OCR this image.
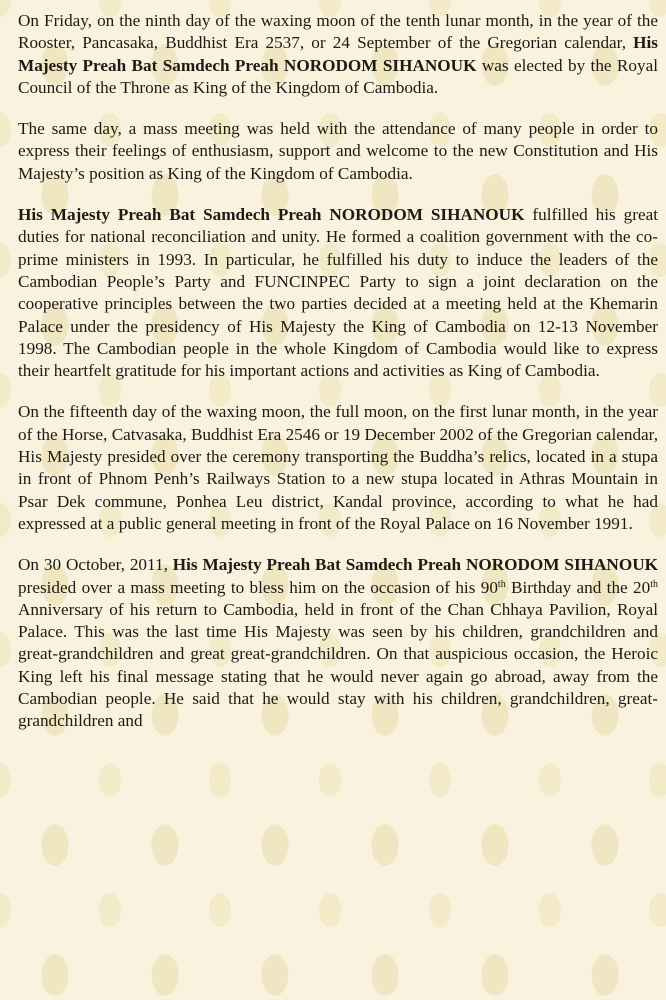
On Friday, on the ninth day of the waxing moon of the tenth lunar month, in the year of the Rooster, Pancasaka, Buddhist Era 2537, or 24 September of the Gregorian calendar, His Majesty Preah Bat Samdech Preah NORODOM SIHANOUK was elected by the Royal Council of the Throne as King of the Kingdom of Cambodia.

The same day, a mass meeting was held with the attendance of many people in order to express their feelings of enthusiasm, support and welcome to the new Constitution and His Majesty’s position as King of the Kingdom of Cambodia.

His Majesty Preah Bat Samdech Preah NORODOM SIHANOUK fulfilled his great duties for national reconciliation and unity. He formed a coalition government with the co-prime ministers in 1993. In particular, he fulfilled his duty to induce the leaders of the Cambodian People’s Party and FUNCINPEC Party to sign a joint declaration on the cooperative principles between the two parties decided at a meeting held at the Khemarin Palace under the presidency of His Majesty the King of Cambodia on 12-13 November 1998. The Cambodian people in the whole Kingdom of Cambodia would like to express their heartfelt gratitude for his important actions and activities as King of Cambodia.

On the fifteenth day of the waxing moon, the full moon, on the first lunar month, in the year of the Horse, Catvasaka, Buddhist Era 2546 or 19 December 2002 of the Gregorian calendar, His Majesty presided over the ceremony transporting the Buddha’s relics, located in a stupa in front of Phnom Penh’s Railways Station to a new stupa located in Athras Mountain in Psar Dek commune, Ponhea Leu district, Kandal province, according to what he had expressed at a public general meeting in front of the Royal Palace on 16 November 1991.

On 30 October, 2011, His Majesty Preah Bat Samdech Preah NORODOM SIHANOUK presided over a mass meeting to bless him on the occasion of his 90th Birthday and the 20th Anniversary of his return to Cambodia, held in front of the Chan Chhaya Pavilion, Royal Palace. This was the last time His Majesty was seen by his children, grandchildren and great-grandchildren and great great-grandchildren. On that auspicious occasion, the Heroic King left his final message stating that he would never again go abroad, away from the Cambodian people. He said that he would stay with his children, grandchildren, great-grandchildren and
